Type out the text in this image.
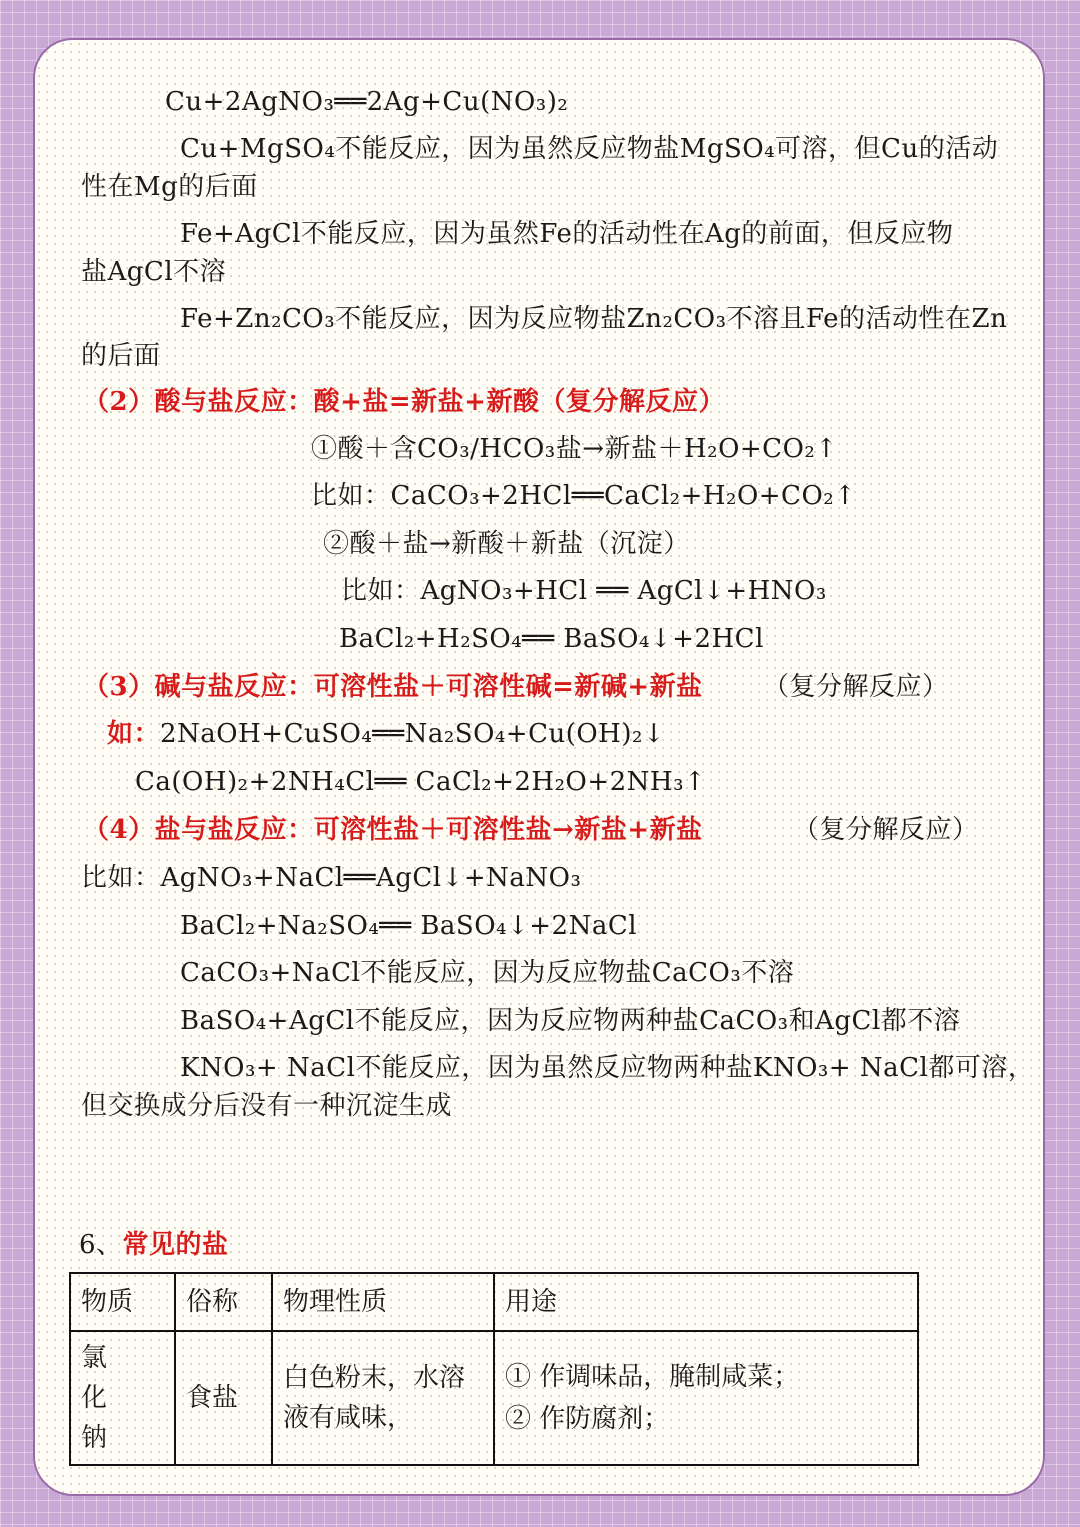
Cu+2AgNO₃══2Ag+Cu(NO₃)₂
Cu+MgSO₄不能反应，因为虽然反应物盐MgSO₄可溶，但Cu的活动
性在Mg的后面
Fe+AgCl不能反应，因为虽然Fe的活动性在Ag的前面，但反应物
盐AgCl不溶
Fe+Zn₂CO₃不能反应，因为反应物盐Zn₂CO₃不溶且Fe的活动性在Zn
的后面
（2）酸与盐反应：酸+盐=新盐+新酸（复分解反应）
①酸＋含CO₃/HCO₃盐→新盐＋H₂O+CO₂↑
比如：CaCO₃+2HCl══CaCl₂+H₂O+CO₂↑
②酸＋盐→新酸＋新盐（沉淀）
比如：AgNO₃+HCl ══ AgCl↓+HNO₃
BaCl₂+H₂SO₄══ BaSO₄↓+2HCl
（3）碱与盐反应：可溶性盐＋可溶性碱=新碱+新盐 （复分解反应）
如：2NaOH+CuSO₄══Na₂SO₄+Cu(OH)₂↓
Ca(OH)₂+2NH₄Cl══ CaCl₂+2H₂O+2NH₃↑
（4）盐与盐反应：可溶性盐＋可溶性盐→新盐+新盐	（复分解反应）
比如：AgNO₃+NaCl══AgCl↓+NaNO₃
BaCl₂+Na₂SO₄══ BaSO₄↓+2NaCl
CaCO₃+NaCl不能反应，因为反应物盐CaCO₃不溶
BaSO₄+AgCl不能反应，因为反应物两种盐CaCO₃和AgCl都不溶
KNO₃+ NaCl不能反应，因为虽然反应物两种盐KNO₃+ NaCl都可溶，
但交换成分后没有一种沉淀生成
6、常见的盐
物质	俗称	物理性质	用途
氯化钠	食盐	白色粉末，水溶液有咸味，	① 作调味品，腌制咸菜；
② 作防腐剂；
